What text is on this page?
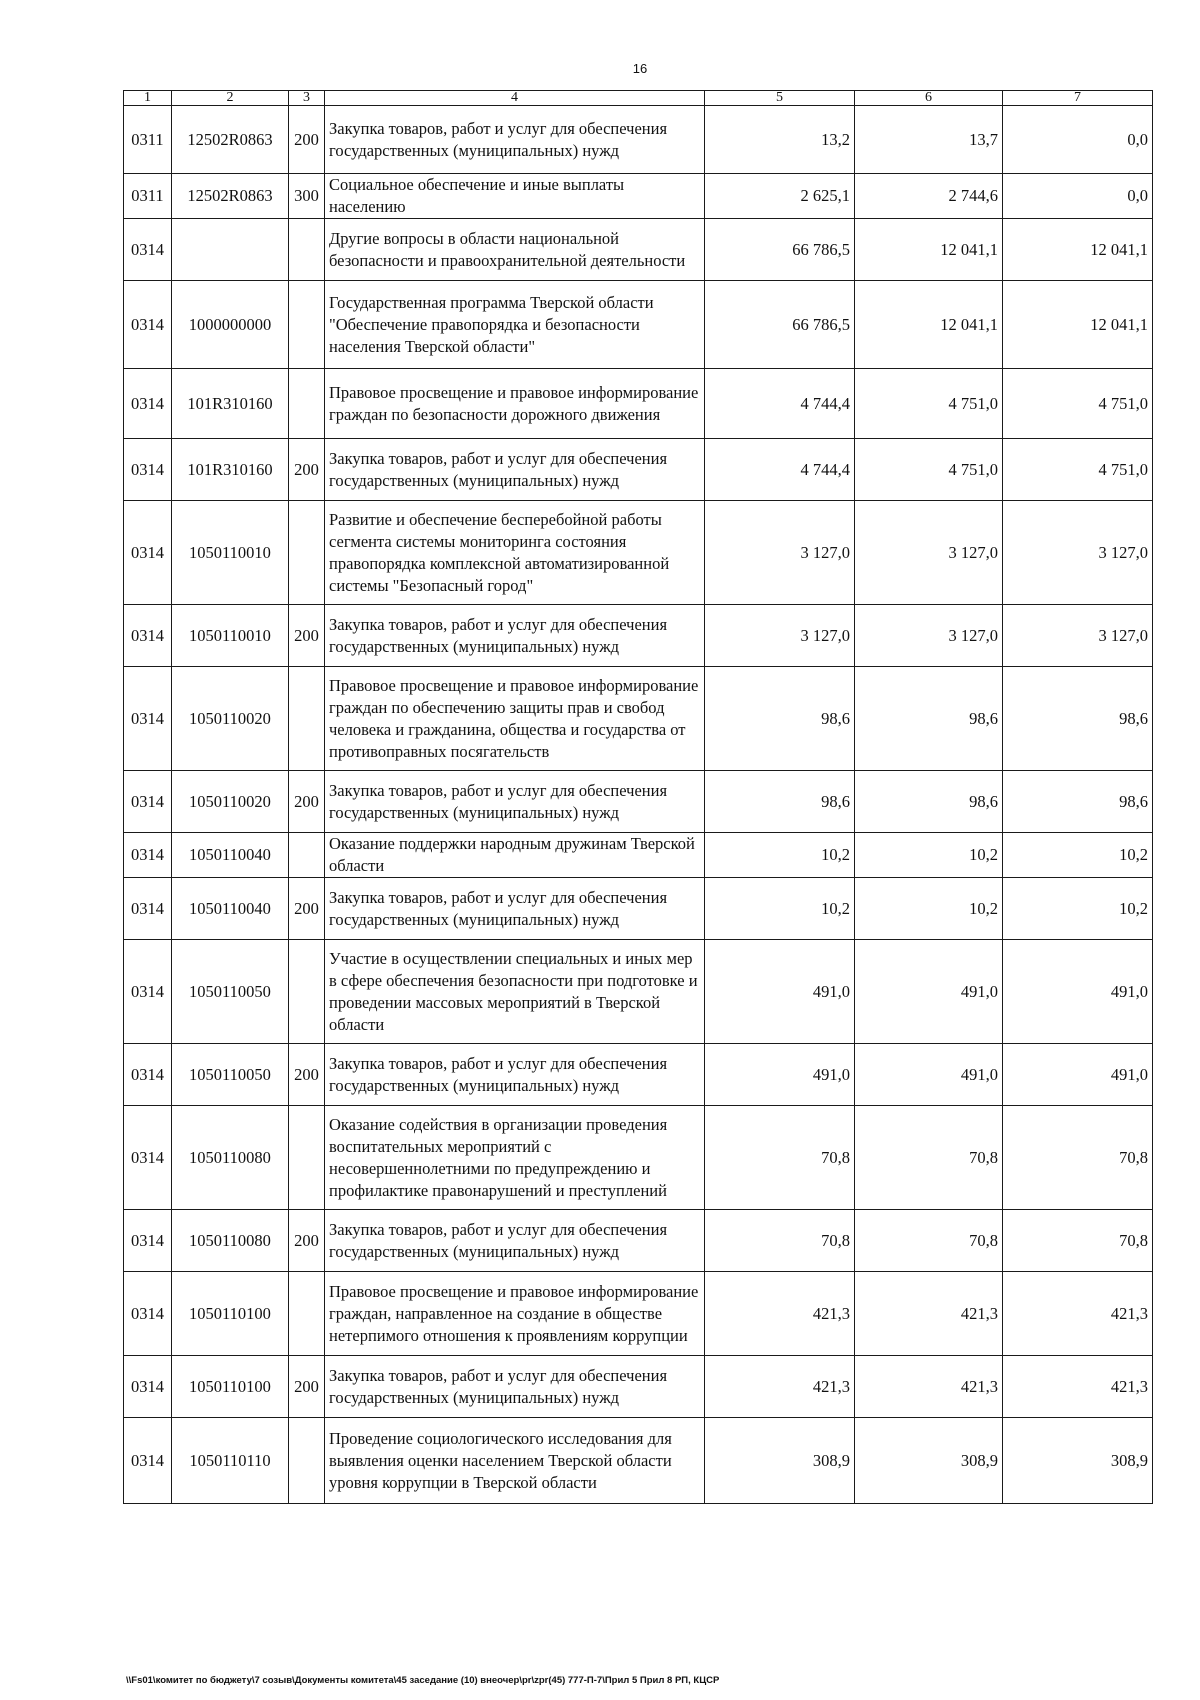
16
1	2	3	4	5	6	7
0311	12502R0863	200	Закупка товаров, работ и услуг для обеспечения государственных (муниципальных) нужд	13,2	13,7	0,0
0311	12502R0863	300	Социальное обеспечение и иные выплаты населению	2 625,1	2 744,6	0,0
0314			Другие вопросы в области национальной безопасности и правоохранительной деятельности	66 786,5	12 041,1	12 041,1
0314	1000000000		Государственная программа Тверской области "Обеспечение правопорядка и безопасности населения Тверской области"	66 786,5	12 041,1	12 041,1
0314	101R310160		Правовое просвещение и правовое информирование граждан по безопасности дорожного движения	4 744,4	4 751,0	4 751,0
0314	101R310160	200	Закупка товаров, работ и услуг для обеспечения государственных (муниципальных) нужд	4 744,4	4 751,0	4 751,0
0314	1050110010		Развитие и обеспечение бесперебойной работы сегмента системы мониторинга состояния правопорядка комплексной автоматизированной системы "Безопасный город"	3 127,0	3 127,0	3 127,0
0314	1050110010	200	Закупка товаров, работ и услуг для обеспечения государственных (муниципальных) нужд	3 127,0	3 127,0	3 127,0
0314	1050110020		Правовое просвещение и правовое информирование граждан по обеспечению защиты прав и свобод человека и гражданина, общества и государства от противоправных посягательств	98,6	98,6	98,6
0314	1050110020	200	Закупка товаров, работ и услуг для обеспечения государственных (муниципальных) нужд	98,6	98,6	98,6
0314	1050110040		Оказание поддержки народным дружинам Тверской области	10,2	10,2	10,2
0314	1050110040	200	Закупка товаров, работ и услуг для обеспечения государственных (муниципальных) нужд	10,2	10,2	10,2
0314	1050110050		Участие в осуществлении специальных и иных мер в сфере обеспечения безопасности при подготовке и проведении массовых мероприятий в Тверской области	491,0	491,0	491,0
0314	1050110050	200	Закупка товаров, работ и услуг для обеспечения государственных (муниципальных) нужд	491,0	491,0	491,0
0314	1050110080		Оказание содействия в организации проведения воспитательных мероприятий с несовершеннолетними по предупреждению и профилактике правонарушений и преступлений	70,8	70,8	70,8
0314	1050110080	200	Закупка товаров, работ и услуг для обеспечения государственных (муниципальных) нужд	70,8	70,8	70,8
0314	1050110100		Правовое просвещение и правовое информирование граждан, направленное на создание в обществе нетерпимого отношения к проявлениям коррупции	421,3	421,3	421,3
0314	1050110100	200	Закупка товаров, работ и услуг для обеспечения государственных (муниципальных) нужд	421,3	421,3	421,3
0314	1050110110		Проведение социологического исследования для выявления оценки населением Тверской области уровня коррупции в Тверской области	308,9	308,9	308,9
\\Fs01\комитет по бюджету\7 созыв\Документы комитета\45 заседание (10) внеочер\pr\zpr(45) 777-П-7\Прил 5 Прил 8 РП, КЦСР
